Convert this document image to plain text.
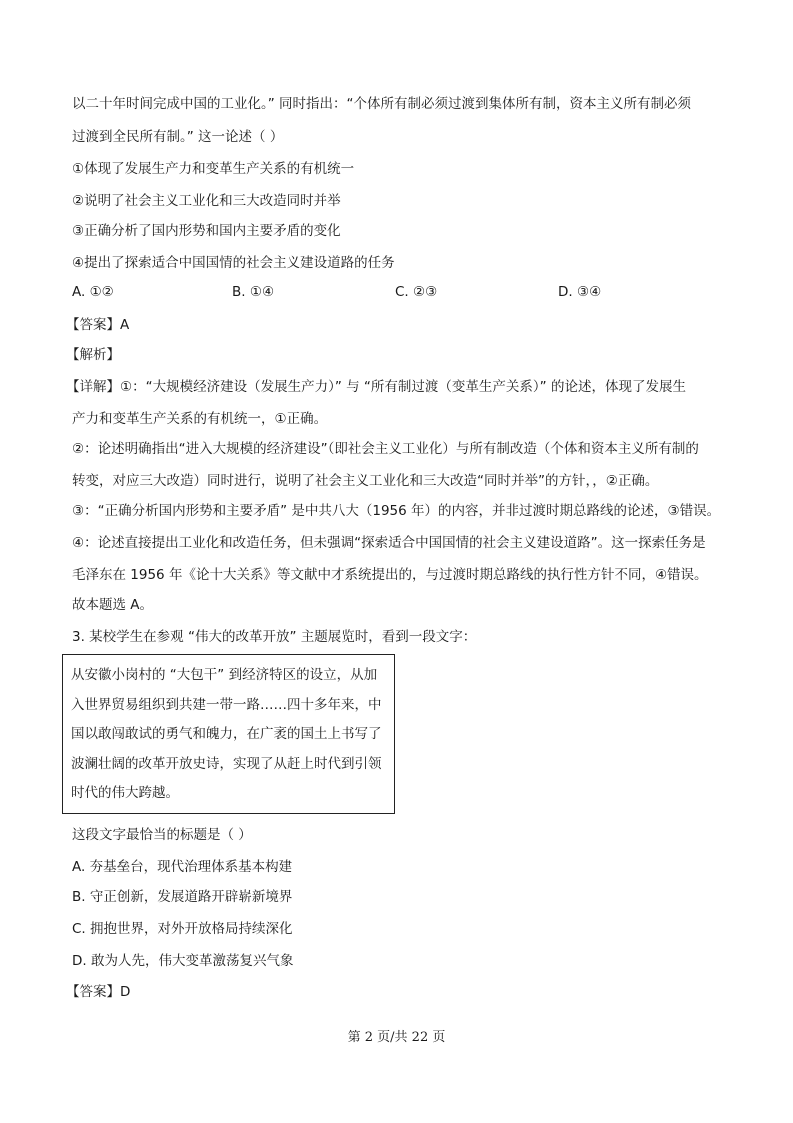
以二十年时间完成中国的工业化。” 同时指出：“个体所有制必须过渡到集体所有制，资本主义所有制必须
过渡到全民所有制。” 这一论述（ ）
①体现了发展生产力和变革生产关系的有机统一
②说明了社会主义工业化和三大改造同时并举
③正确分析了国内形势和国内主要矛盾的变化
④提出了探索适合中国国情的社会主义建设道路的任务
A. ①②	B. ①④	C. ②③	D. ③④
【答案】A
【解析】
【详解】①：“大规模经济建设（发展生产力）” 与 “所有制过渡（变革生产关系）” 的论述，体现了发展生
产力和变革生产关系的有机统一，①正确。
②：论述明确指出“进入大规模的经济建设”（即社会主义工业化）与所有制改造（个体和资本主义所有制的
转变，对应三大改造）同时进行，说明了社会主义工业化和三大改造“同时并举”的方针，，②正确。
③：“正确分析国内形势和主要矛盾” 是中共八大（1956 年）的内容，并非过渡时期总路线的论述，③错误。
④：论述直接提出工业化和改造任务，但未强调“探索适合中国国情的社会主义建设道路”。这一探索任务是
毛泽东在 1956 年《论十大关系》等文献中才系统提出的，与过渡时期总路线的执行性方针不同，④错误。
故本题选 A。
3. 某校学生在参观 “伟大的改革开放” 主题展览时，看到一段文字：
从安徽小岗村的 “大包干” 到经济特区的设立，从加
入世界贸易组织到共建一带一路……四十多年来，中
国以敢闯敢试的勇气和魄力，在广袤的国土上书写了
波澜壮阔的改革开放史诗，实现了从赶上时代到引领
时代的伟大跨越。
这段文字最恰当的标题是（ ）
A. 夯基垒台，现代治理体系基本构建
B. 守正创新，发展道路开辟崭新境界
C. 拥抱世界，对外开放格局持续深化
D. 敢为人先，伟大变革激荡复兴气象
【答案】D
第 2 页/共 22 页
